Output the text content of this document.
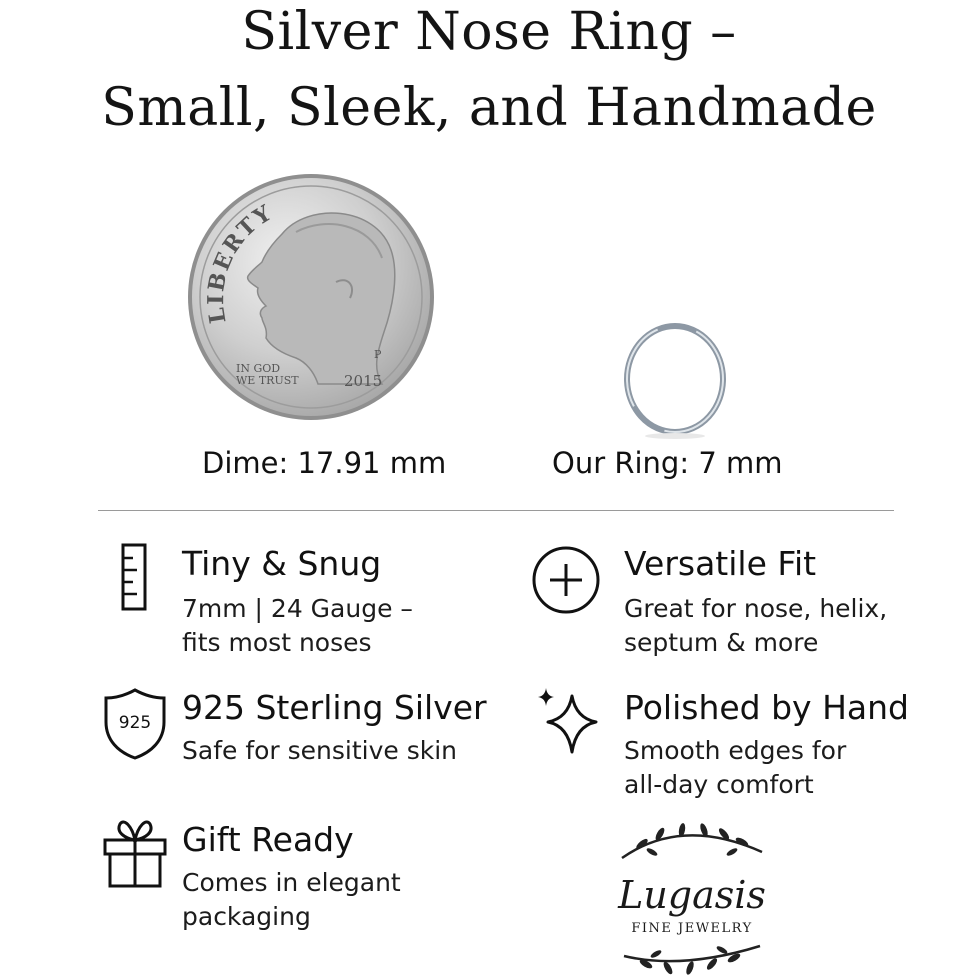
Silver Nose Ring –
Small, Sleek, and Handmade
LIBERTY
IN GOD
WE TRUST	2015
P
Dime: 17.91 mm	Our Ring: 7 mm
Tiny & Snug
7mm | 24 Gauge –
fits most noses
Versatile Fit
Great for nose, helix,
septum & more
925 925 Sterling Silver
Safe for sensitive skin
Polished by Hand
Smooth edges for
all-day comfort
Gift Ready
Comes in elegant
packaging	Lugasis
FINE JEWELRY
